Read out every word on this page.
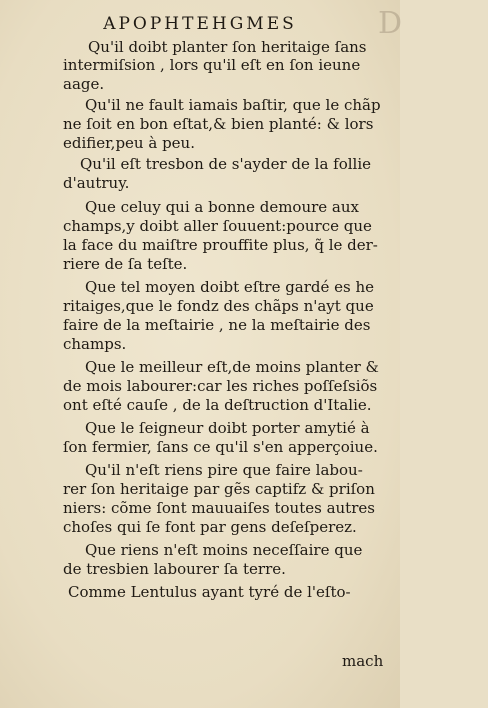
APOPHTEHGMES	D
Qu'il doibt planter ſon heritaige ſans
intermiſsion , lors qu'il eſt en ſon ieune
aage.
Qu'il ne fault iamais baſtir, que le chãp
ne ſoit en bon eſtat,& bien planté: & lors
edifier,peu à peu.
Qu'il eſt tresbon de s'ayder de la follie
d'autruy.
Que celuy qui a bonne demoure aux
champs,y doibt aller ſouuent:pource que
la face du maiſtre prouffite plus, q̃ le der-
riere de ſa teſte.
Que tel moyen doibt eſtre gardé es he
ritaiges,que le fondz des chãps n'ayt que
faire de la meſtairie , ne la meſtairie des
champs.
Que le meilleur eſt,de moins planter &
de mois labourer:car les riches poſſeſsiõs
ont eſté cauſe , de la deſtruction d'Italie.
Que le ſeigneur doibt porter amytié à
ſon fermier, ſans ce qu'il s'en apperçoiue.
Qu'il n'eſt riens pire que faire labou-
rer ſon heritaige par gẽs captifz & priſon
niers: cõme ſont mauuaiſes toutes autres
choſes qui ſe font par gens deſeſperez.
Que riens n'eſt moins neceſſaire que
de tresbien labourer ſa terre.
Comme Lentulus ayant tyré de l'eſto-
mach
